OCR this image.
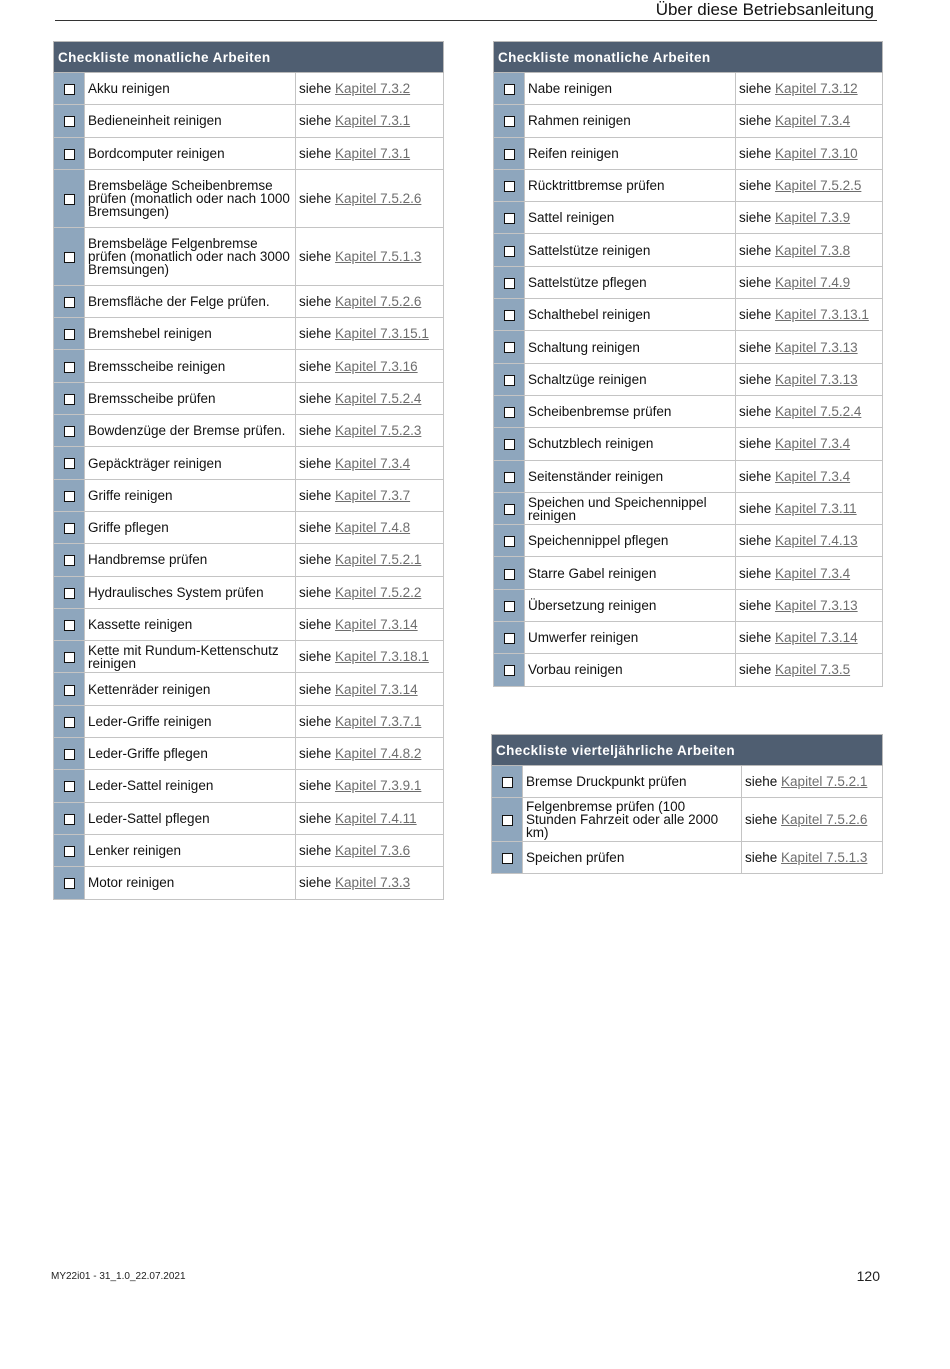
Über diese Betriebsanleitung
Checkliste monatliche Arbeiten		
	Akku reinigen	siehe Kapitel 7.3.2
	Bedieneinheit reinigen	siehe Kapitel 7.3.1
	Bordcomputer reinigen	siehe Kapitel 7.3.1
	Bremsbeläge Scheibenbremse prüfen (monatlich oder nach 1000 Bremsungen)	siehe Kapitel 7.5.2.6
	Bremsbeläge Felgenbremse prüfen (monatlich oder nach 3000 Bremsungen)	siehe Kapitel 7.5.1.3
	Bremsfläche der Felge prüfen.	siehe Kapitel 7.5.2.6
	Bremshebel reinigen	siehe Kapitel 7.3.15.1
	Bremsscheibe reinigen	siehe Kapitel 7.3.16
	Bremsscheibe prüfen	siehe Kapitel 7.5.2.4
	Bowdenzüge der Bremse prüfen.	siehe Kapitel 7.5.2.3
	Gepäckträger reinigen	siehe Kapitel 7.3.4
	Griffe reinigen	siehe Kapitel 7.3.7
	Griffe pflegen	siehe Kapitel 7.4.8
	Handbremse prüfen	siehe Kapitel 7.5.2.1
	Hydraulisches System prüfen	siehe Kapitel 7.5.2.2
	Kassette reinigen	siehe Kapitel 7.3.14
	Kette mit Rundum-Kettenschutz reinigen	siehe Kapitel 7.3.18.1
	Kettenräder reinigen	siehe Kapitel 7.3.14
	Leder-Griffe reinigen	siehe Kapitel 7.3.7.1
	Leder-Griffe pflegen	siehe Kapitel 7.4.8.2
	Leder-Sattel reinigen	siehe Kapitel 7.3.9.1
	Leder-Sattel pflegen	siehe Kapitel 7.4.11
	Lenker reinigen	siehe Kapitel 7.3.6
	Motor reinigen	siehe Kapitel 7.3.3
Checkliste monatliche Arbeiten		
	Nabe reinigen	siehe Kapitel 7.3.12
	Rahmen reinigen	siehe Kapitel 7.3.4
	Reifen reinigen	siehe Kapitel 7.3.10
	Rücktrittbremse prüfen	siehe Kapitel 7.5.2.5
	Sattel reinigen	siehe Kapitel 7.3.9
	Sattelstütze reinigen	siehe Kapitel 7.3.8
	Sattelstütze pflegen	siehe Kapitel 7.4.9
	Schalthebel reinigen	siehe Kapitel 7.3.13.1
	Schaltung reinigen	siehe Kapitel 7.3.13
	Schaltzüge reinigen	siehe Kapitel 7.3.13
	Scheibenbremse prüfen	siehe Kapitel 7.5.2.4
	Schutzblech reinigen	siehe Kapitel 7.3.4
	Seitenständer reinigen	siehe Kapitel 7.3.4
	Speichen und Speichennippel reinigen	siehe Kapitel 7.3.11
	Speichennippel pflegen	siehe Kapitel 7.4.13
	Starre Gabel reinigen	siehe Kapitel 7.3.4
	Übersetzung reinigen	siehe Kapitel 7.3.13
	Umwerfer reinigen	siehe Kapitel 7.3.14
	Vorbau reinigen	siehe Kapitel 7.3.5
Checkliste vierteljährliche Arbeiten		
	Bremse Druckpunkt prüfen	siehe Kapitel 7.5.2.1
	Felgenbremse prüfen (100 Stunden Fahrzeit oder alle 2000 km)	siehe Kapitel 7.5.2.6
	Speichen prüfen	siehe Kapitel 7.5.1.3
MY22i01 - 31_1.0_22.07.2021	120
